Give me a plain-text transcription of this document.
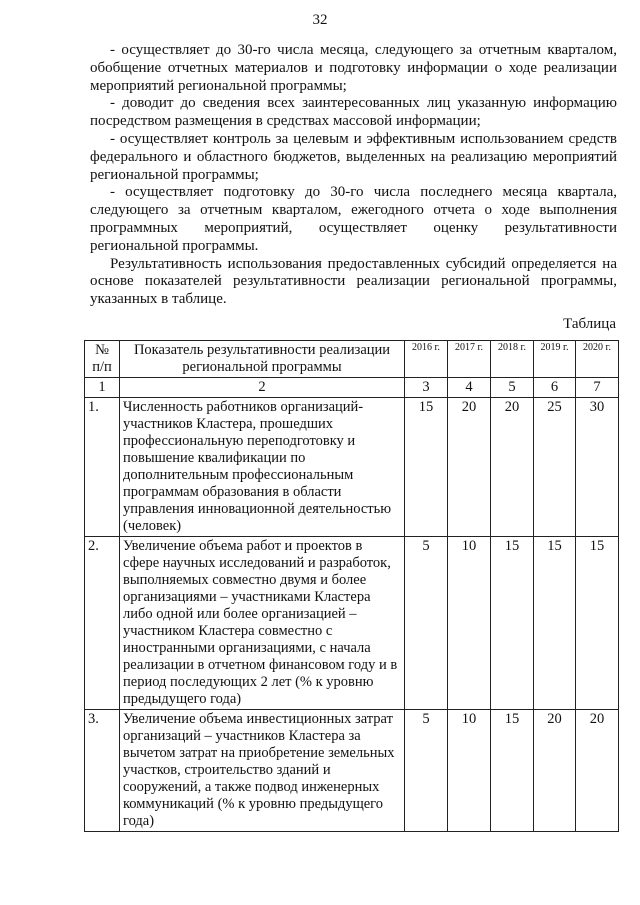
32

- осуществляет до 30-го числа месяца, следующего за отчетным кварталом, обобщение отчетных материалов и подготовку информации о ходе реализации мероприятий региональной программы;

- доводит до сведения всех заинтересованных лиц указанную информацию посредством размещения в средствах массовой информации;

- осуществляет контроль за целевым и эффективным использованием средств федерального и областного бюджетов, выделенных на реализацию мероприятий региональной программы;

- осуществляет подготовку до 30-го числа последнего месяца квартала, следующего за отчетным кварталом, ежегодного отчета о ходе выполнения программных мероприятий, осуществляет оценку результативности региональной программы.

Результативность использования предоставленных субсидий определяется на основе показателей результативности реализации региональной программы, указанных в таблице.

Таблица
№ п/п	Показатель результативности реализации региональной программы	2016 г.	2017 г.	2018 г.	2019 г.	2020 г.
1	2	3	4	5	6	7
1.	Численность работников организаций-участников Кластера, прошедших профессиональную переподготовку и повышение квалификации по дополнительным профессиональным программам образования в области управления инновационной деятельностью (человек)	15	20	20	25	30
2.	Увеличение объема работ и проектов в сфере научных исследований и разработок, выполняемых совместно двумя и более организациями – участниками Кластера либо одной или более организацией – участником Кластера совместно с иностранными организациями, с начала реализации в отчетном финансовом году и в период последующих 2 лет (% к уровню предыдущего года)	5	10	15	15	15
3.	Увеличение объема инвестиционных затрат организаций – участников Кластера за вычетом затрат на приобретение земельных участков, строительство зданий и сооружений, а также подвод инженерных коммуникаций (% к уровню предыдущего года)	5	10	15	20	20
